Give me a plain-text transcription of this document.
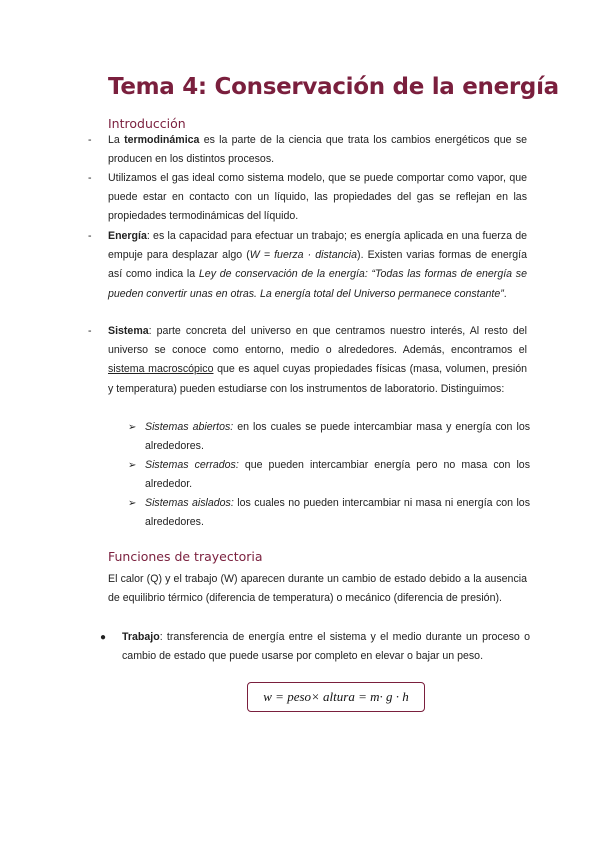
Tema 4: Conservación de la energía
Introducción
- La termodinámica es la parte de la ciencia que trata los cambios energéticos que se producen en los distintos procesos.
- Utilizamos el gas ideal como sistema modelo, que se puede comportar como vapor, que puede estar en contacto con un líquido, las propiedades del gas se reflejan en las propiedades termodinámicas del líquido.
- Energía: es la capacidad para efectuar un trabajo; es energía aplicada en una fuerza de empuje para desplazar algo (W = fuerza · distancia). Existen varias formas de energía así como indica la Ley de conservación de la energía: “Todas las formas de energía se pueden convertir unas en otras. La energía total del Universo permanece constante”.
- Sistema: parte concreta del universo en que centramos nuestro interés, Al resto del universo se conoce como entorno, medio o alrededores. Además, encontramos el sistema macroscópico que es aquel cuyas propiedades físicas (masa, volumen, presión y temperatura) pueden estudiarse con los instrumentos de laboratorio. Distinguimos:
➢ Sistemas abiertos: en los cuales se puede intercambiar masa y energía con los alrededores.
➢ Sistemas cerrados: que pueden intercambiar energía pero no masa con los alrededor.
➢ Sistemas aislados: los cuales no pueden intercambiar ni masa ni energía con los alrededores.
Funciones de trayectoria
El calor (Q) y el trabajo (W) aparecen durante un cambio de estado debido a la ausencia de equilibrio térmico (diferencia de temperatura) o mecánico (diferencia de presión).
● Trabajo: transferencia de energía entre el sistema y el medio durante un proceso o cambio de estado que puede usarse por completo en elevar o bajar un peso.
w = peso× altura = m· g · h
